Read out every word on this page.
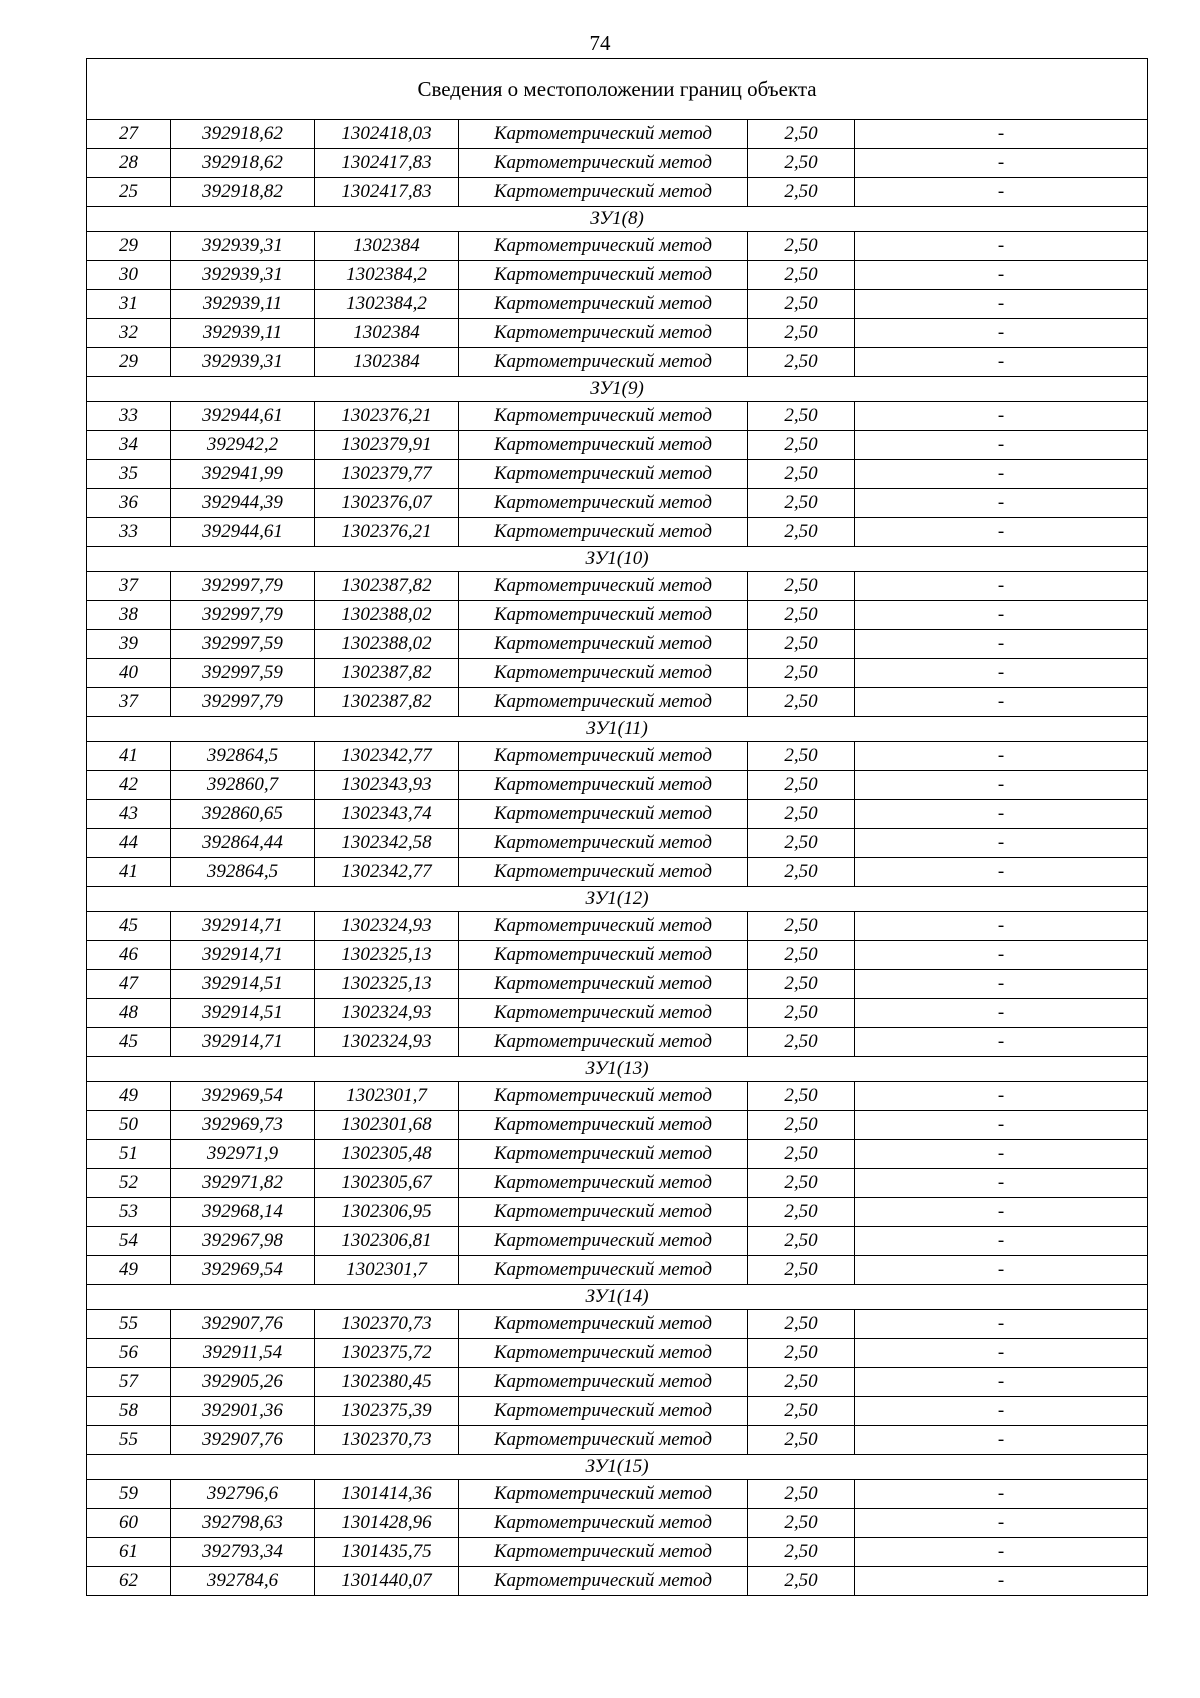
74
Сведения о местоположении границ объекта					
27	392918,62	1302418,03	Картометрический метод	2,50	-
28	392918,62	1302417,83	Картометрический метод	2,50	-
25	392918,82	1302417,83	Картометрический метод	2,50	-
ЗУ1(8)					
29	392939,31	1302384	Картометрический метод	2,50	-
30	392939,31	1302384,2	Картометрический метод	2,50	-
31	392939,11	1302384,2	Картометрический метод	2,50	-
32	392939,11	1302384	Картометрический метод	2,50	-
29	392939,31	1302384	Картометрический метод	2,50	-
ЗУ1(9)					
33	392944,61	1302376,21	Картометрический метод	2,50	-
34	392942,2	1302379,91	Картометрический метод	2,50	-
35	392941,99	1302379,77	Картометрический метод	2,50	-
36	392944,39	1302376,07	Картометрический метод	2,50	-
33	392944,61	1302376,21	Картометрический метод	2,50	-
ЗУ1(10)					
37	392997,79	1302387,82	Картометрический метод	2,50	-
38	392997,79	1302388,02	Картометрический метод	2,50	-
39	392997,59	1302388,02	Картометрический метод	2,50	-
40	392997,59	1302387,82	Картометрический метод	2,50	-
37	392997,79	1302387,82	Картометрический метод	2,50	-
ЗУ1(11)					
41	392864,5	1302342,77	Картометрический метод	2,50	-
42	392860,7	1302343,93	Картометрический метод	2,50	-
43	392860,65	1302343,74	Картометрический метод	2,50	-
44	392864,44	1302342,58	Картометрический метод	2,50	-
41	392864,5	1302342,77	Картометрический метод	2,50	-
ЗУ1(12)					
45	392914,71	1302324,93	Картометрический метод	2,50	-
46	392914,71	1302325,13	Картометрический метод	2,50	-
47	392914,51	1302325,13	Картометрический метод	2,50	-
48	392914,51	1302324,93	Картометрический метод	2,50	-
45	392914,71	1302324,93	Картометрический метод	2,50	-
ЗУ1(13)					
49	392969,54	1302301,7	Картометрический метод	2,50	-
50	392969,73	1302301,68	Картометрический метод	2,50	-
51	392971,9	1302305,48	Картометрический метод	2,50	-
52	392971,82	1302305,67	Картометрический метод	2,50	-
53	392968,14	1302306,95	Картометрический метод	2,50	-
54	392967,98	1302306,81	Картометрический метод	2,50	-
49	392969,54	1302301,7	Картометрический метод	2,50	-
ЗУ1(14)					
55	392907,76	1302370,73	Картометрический метод	2,50	-
56	392911,54	1302375,72	Картометрический метод	2,50	-
57	392905,26	1302380,45	Картометрический метод	2,50	-
58	392901,36	1302375,39	Картометрический метод	2,50	-
55	392907,76	1302370,73	Картометрический метод	2,50	-
ЗУ1(15)					
59	392796,6	1301414,36	Картометрический метод	2,50	-
60	392798,63	1301428,96	Картометрический метод	2,50	-
61	392793,34	1301435,75	Картометрический метод	2,50	-
62	392784,6	1301440,07	Картометрический метод	2,50	-
